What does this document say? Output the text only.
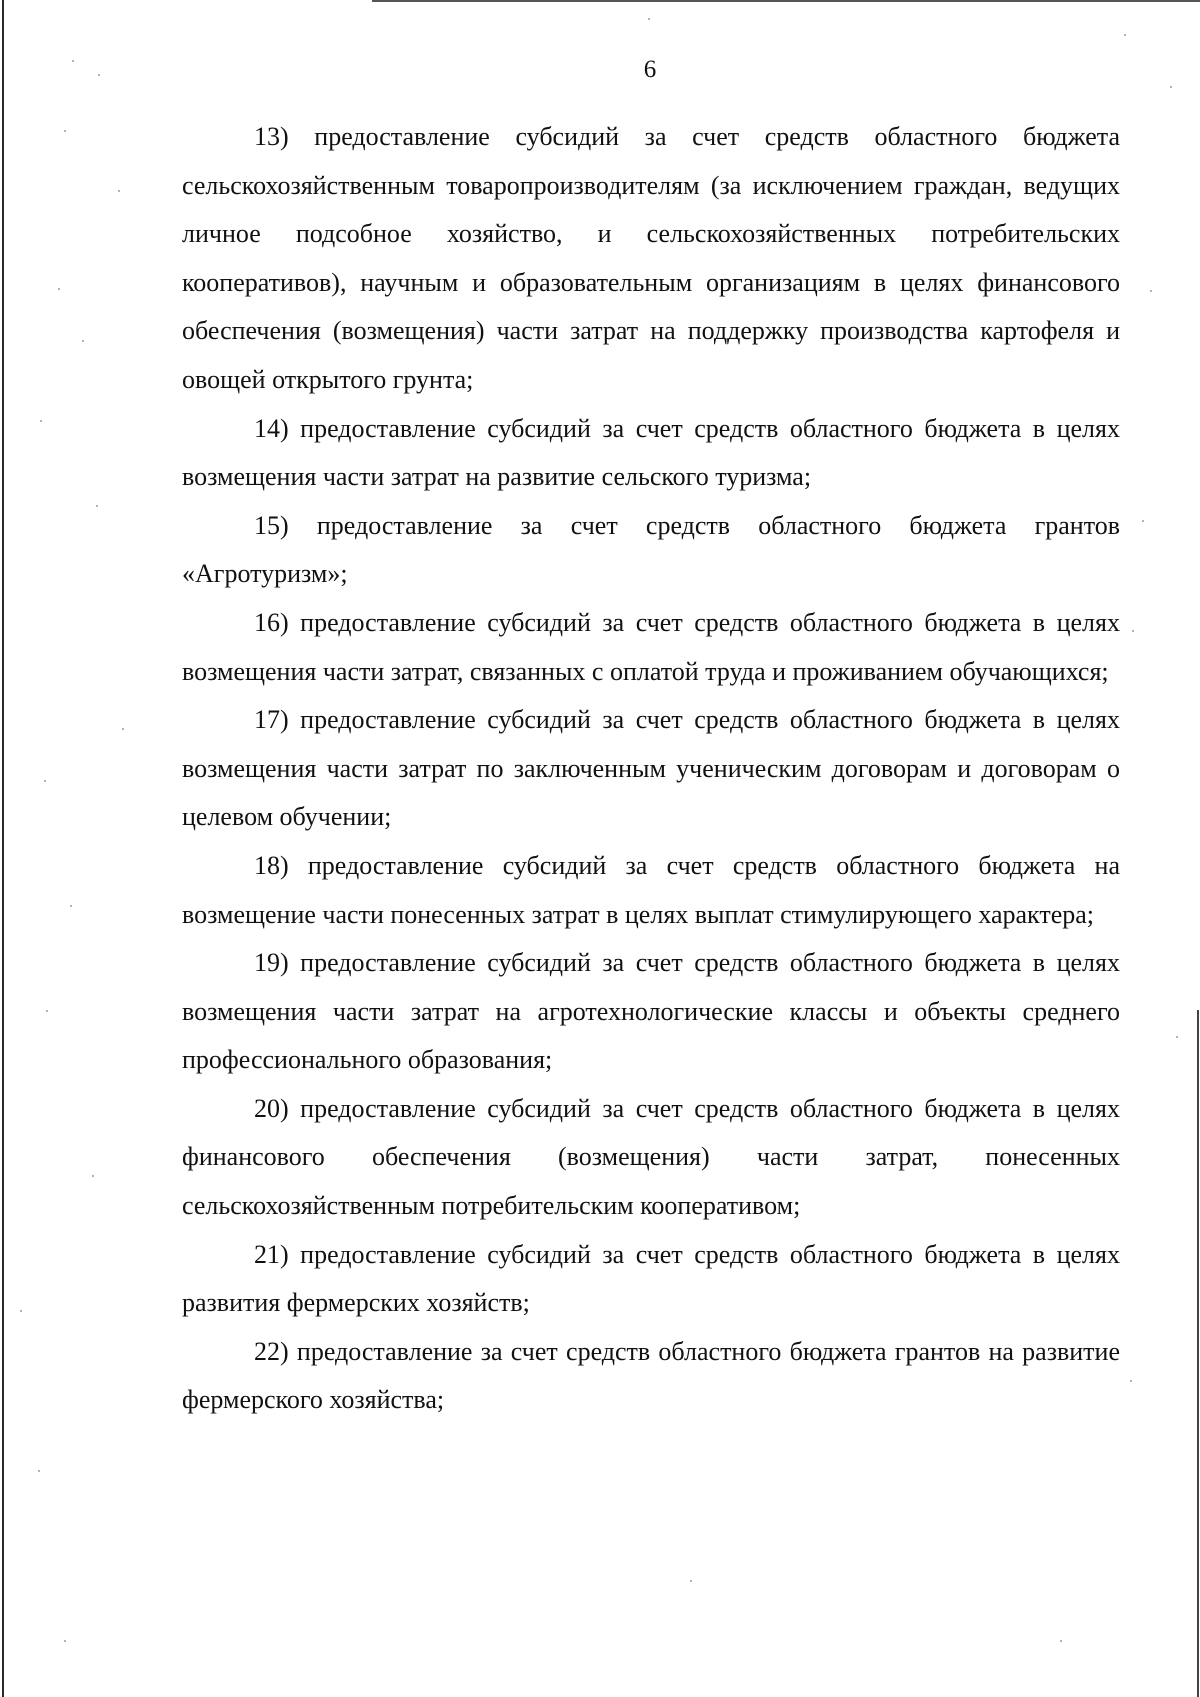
6

13) предоставление субсидий за счет средств областного бюджета сельскохозяйственным товаропроизводителям (за исключением граждан, ведущих личное подсобное хозяйство, и сельскохозяйственных потребительских кооперативов), научным и образовательным организациям в целях финансового обеспечения (возмещения) части затрат на поддержку производства картофеля и овощей открытого грунта;

14) предоставление субсидий за счет средств областного бюджета в целях возмещения части затрат на развитие сельского туризма;

15) предоставление за счет средств областного бюджета грантов «Агротуризм»;

16) предоставление субсидий за счет средств областного бюджета в целях возмещения части затрат, связанных с оплатой труда и проживанием обучающихся;

17) предоставление субсидий за счет средств областного бюджета в целях возмещения части затрат по заключенным ученическим договорам и договорам о целевом обучении;

18) предоставление субсидий за счет средств областного бюджета на возмещение части понесенных затрат в целях выплат стимулирующего характера;

19) предоставление субсидий за счет средств областного бюджета в целях возмещения части затрат на агротехнологические классы и объекты среднего профессионального образования;

20) предоставление субсидий за счет средств областного бюджета в целях финансового обеспечения (возмещения) части затрат, понесенных сельскохозяйственным потребительским кооперативом;

21) предоставление субсидий за счет средств областного бюджета в целях развития фермерских хозяйств;

22) предоставление за счет средств областного бюджета грантов на развитие фермерского хозяйства;
